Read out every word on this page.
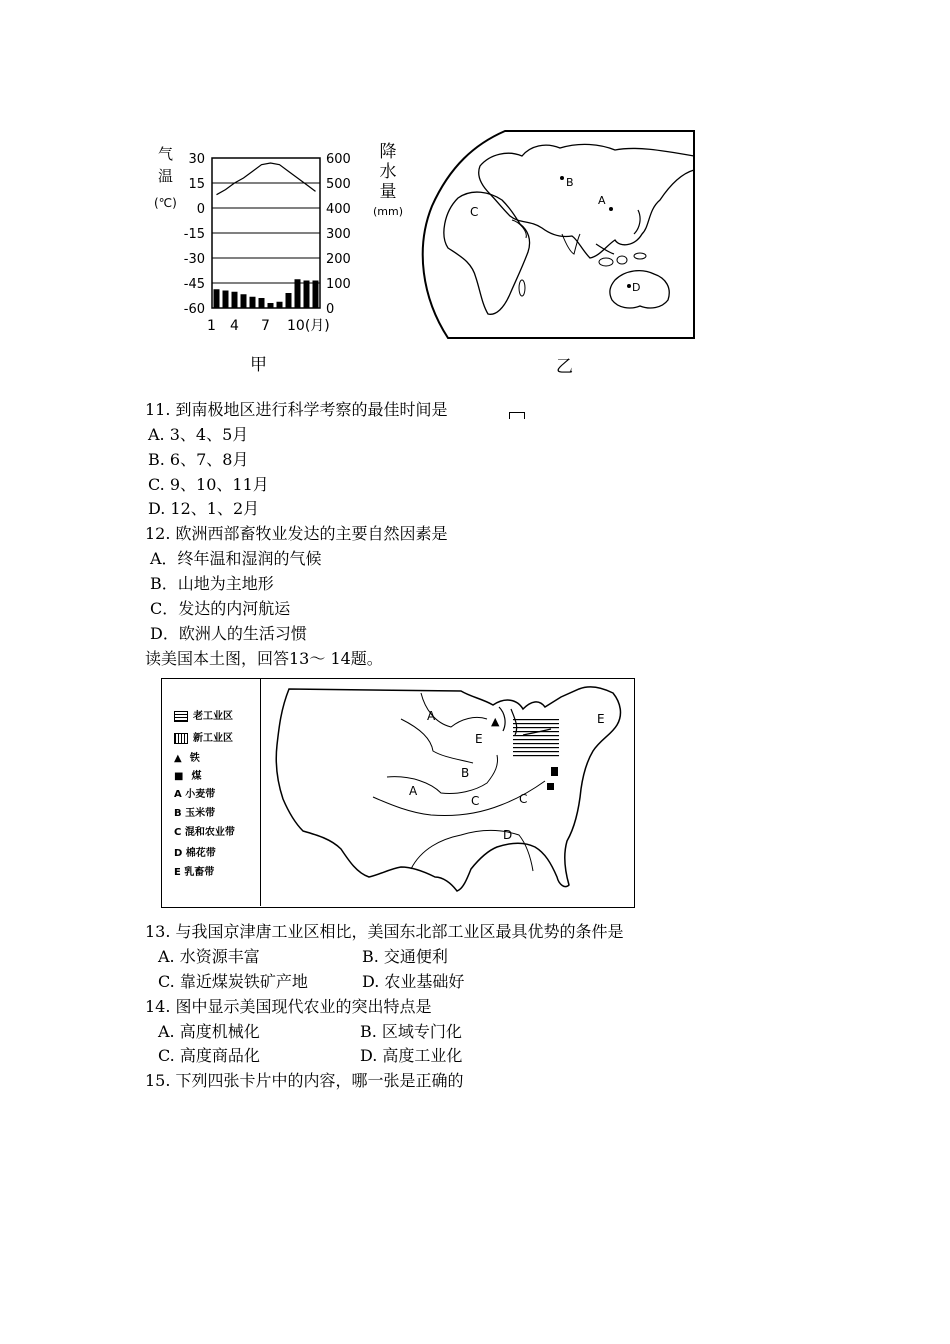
气
温
(℃)
30
15
0
-15
-30
-45
-60
600
500
400
300
200
100
0
1 4 7 10(月)
降
水
量
(mm)
甲
B
A
C
D
乙
11. 到南极地区进行科学考察的最佳时间是
A. 3、4、5月
B. 6、7、8月
C. 9、10、11月
D. 12、1、2月
12. 欧洲西部畜牧业发达的主要自然因素是
A．终年温和湿润的气候
B．山地为主地形
C．发达的内河航运
D．欧洲人的生活习惯
读美国本土图，回答13～ 14题。
老工业区
新工业区
▲ 铁
■ 煤
A 小麦带
B 玉米带
C 混和农业带
D 棉花带
E 乳畜带
▲
A
E
B
A
C	C
D
E
13. 与我国京津唐工业区相比，美国东北部工业区最具优势的条件是
A. 水资源丰富	B. 交通便利
C. 靠近煤炭铁矿产地	D. 农业基础好
14. 图中显示美国现代农业的突出特点是
A. 高度机械化	B. 区域专门化
C. 高度商品化	D. 高度工业化
15. 下列四张卡片中的内容，哪一张是正确的
